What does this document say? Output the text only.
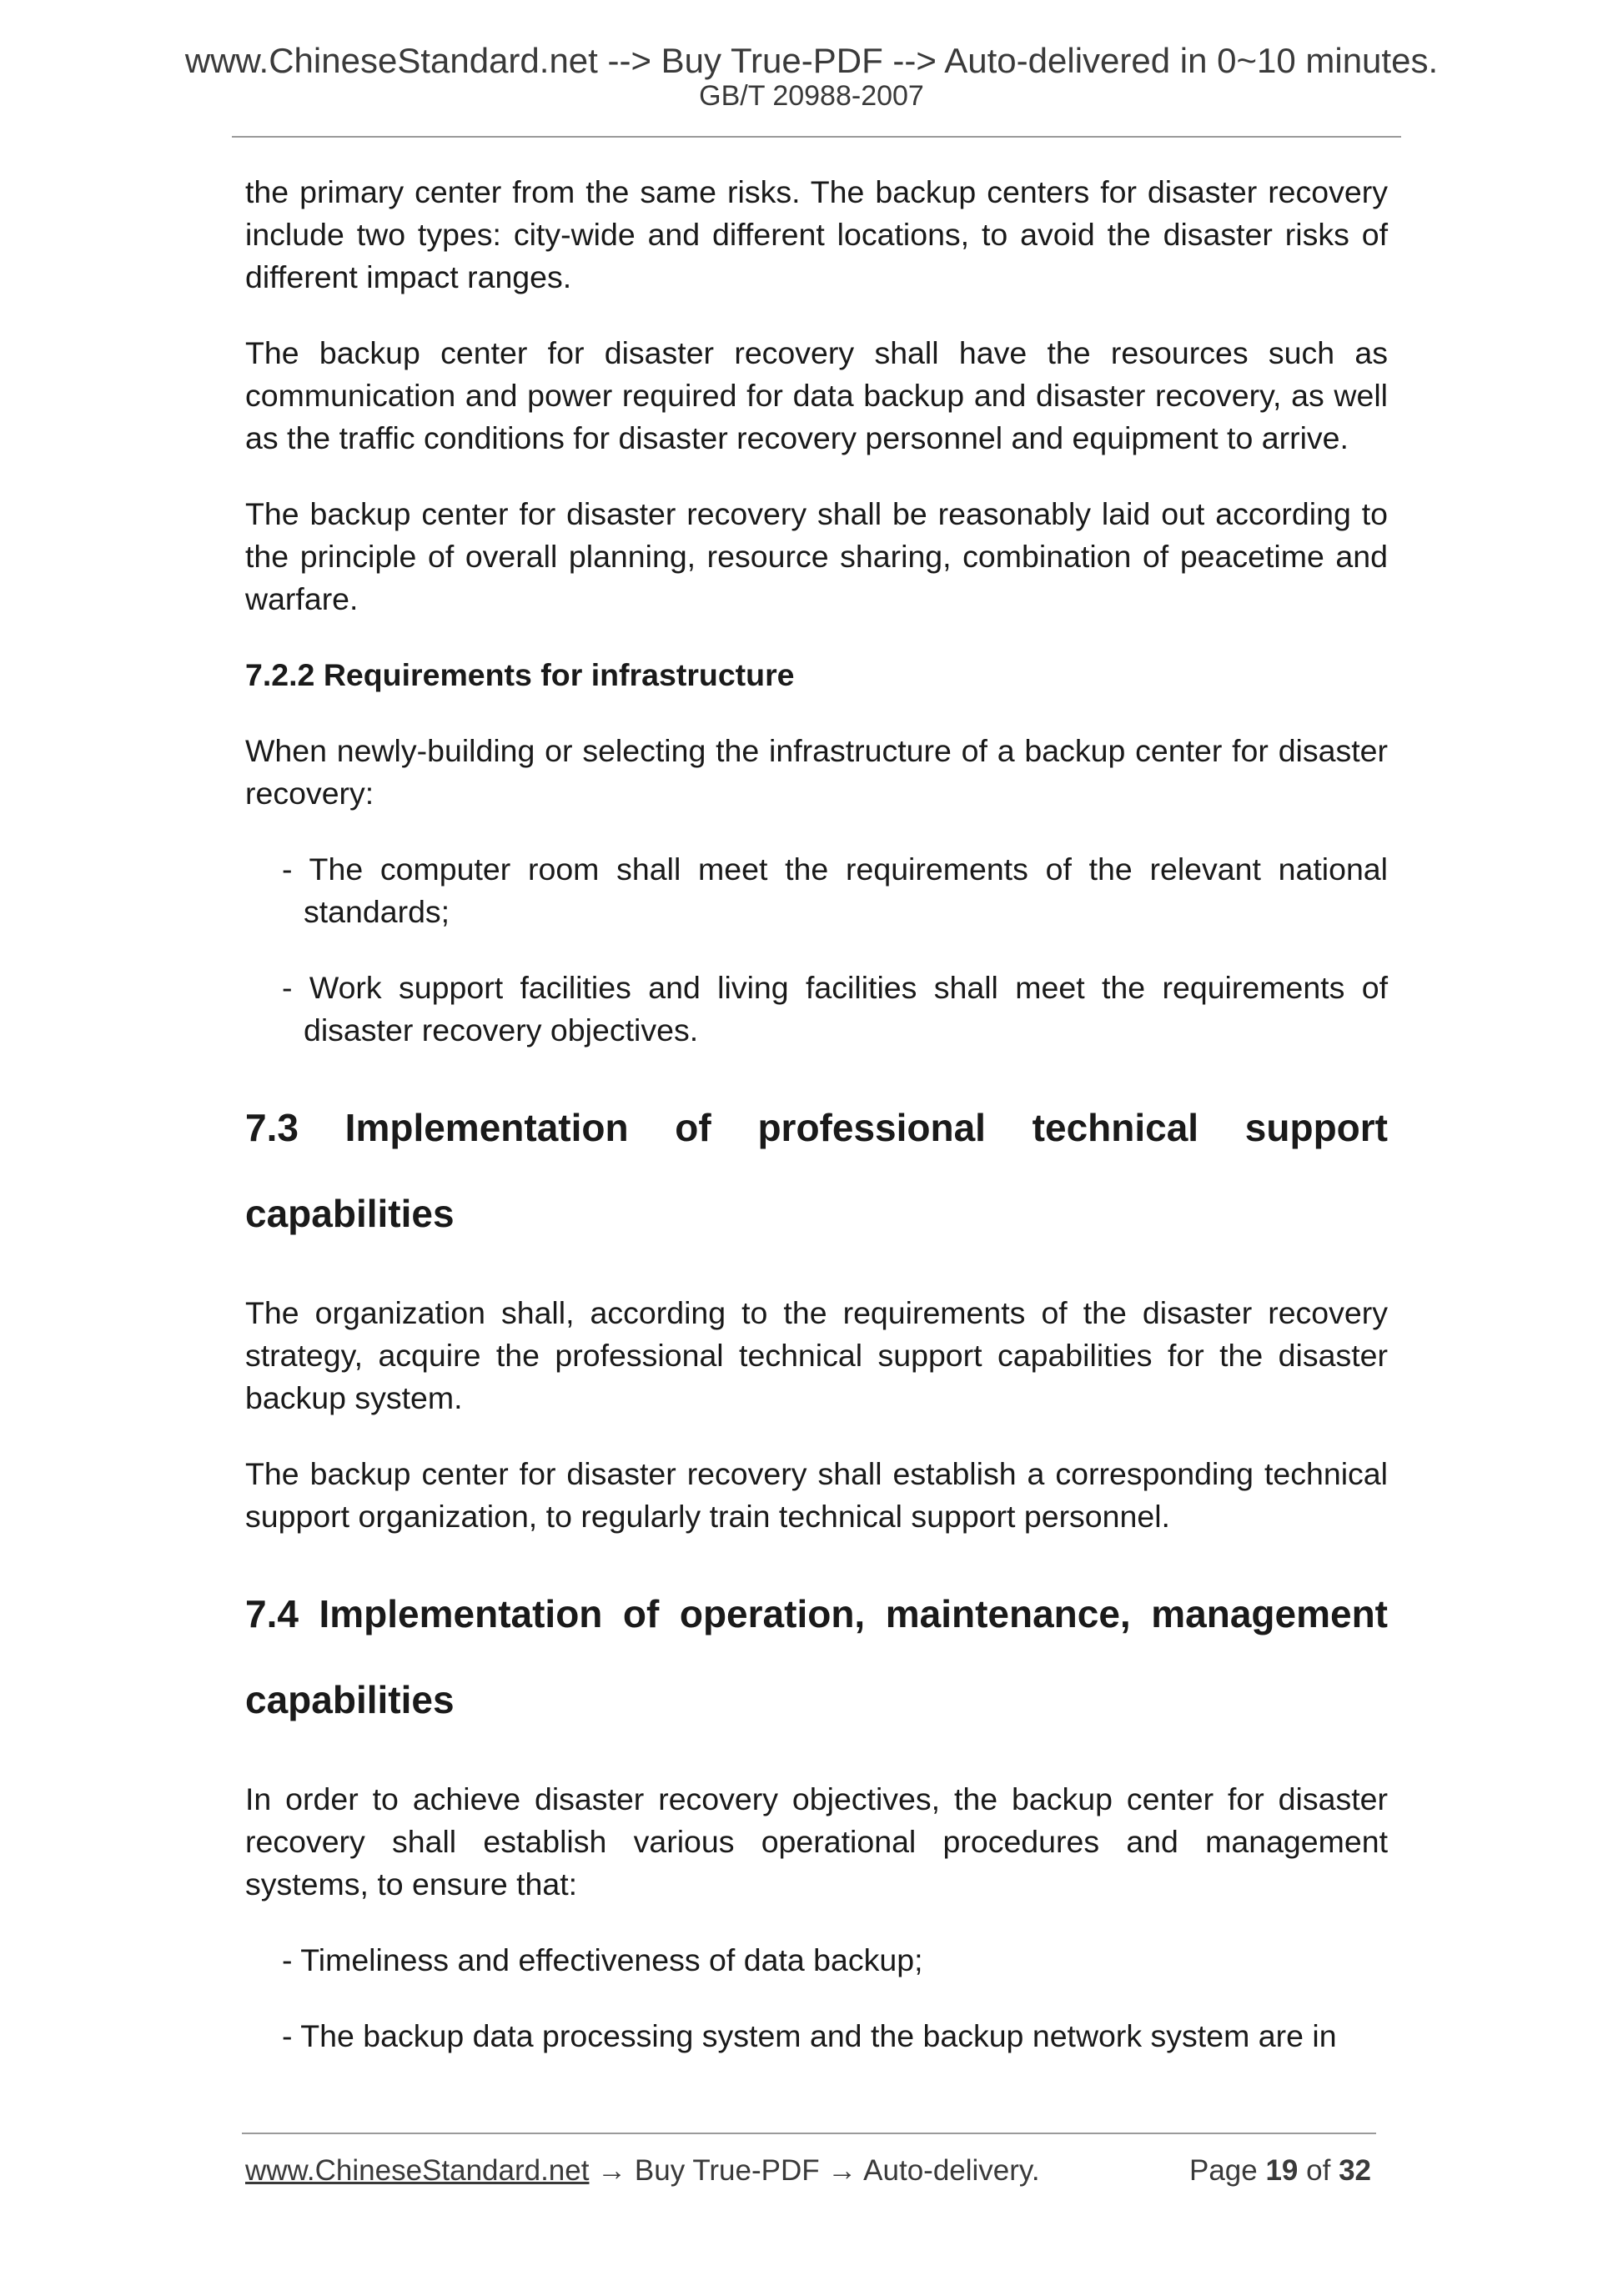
www.ChineseStandard.net --> Buy True-PDF --> Auto-delivered in 0~10 minutes.
GB/T 20988-2007

the primary center from the same risks. The backup centers for disaster recovery include two types: city-wide and different locations, to avoid the disaster risks of different impact ranges.

The backup center for disaster recovery shall have the resources such as communication and power required for data backup and disaster recovery, as well as the traffic conditions for disaster recovery personnel and equipment to arrive.

The backup center for disaster recovery shall be reasonably laid out according to the principle of overall planning, resource sharing, combination of peacetime and warfare.

7.2.2 Requirements for infrastructure

When newly-building or selecting the infrastructure of a backup center for disaster recovery:

- The computer room shall meet the requirements of the relevant national standards;

- Work support facilities and living facilities shall meet the requirements of disaster recovery objectives.

7.3 Implementation of professional technical support capabilities

The organization shall, according to the requirements of the disaster recovery strategy, acquire the professional technical support capabilities for the disaster backup system.

The backup center for disaster recovery shall establish a corresponding technical support organization, to regularly train technical support personnel.

7.4 Implementation of operation, maintenance, management capabilities

In order to achieve disaster recovery objectives, the backup center for disaster recovery shall establish various operational procedures and management systems, to ensure that:

- Timeliness and effectiveness of data backup;

- The backup data processing system and the backup network system are in

www.ChineseStandard.net → Buy True-PDF → Auto-delivery.	Page 19 of 32
